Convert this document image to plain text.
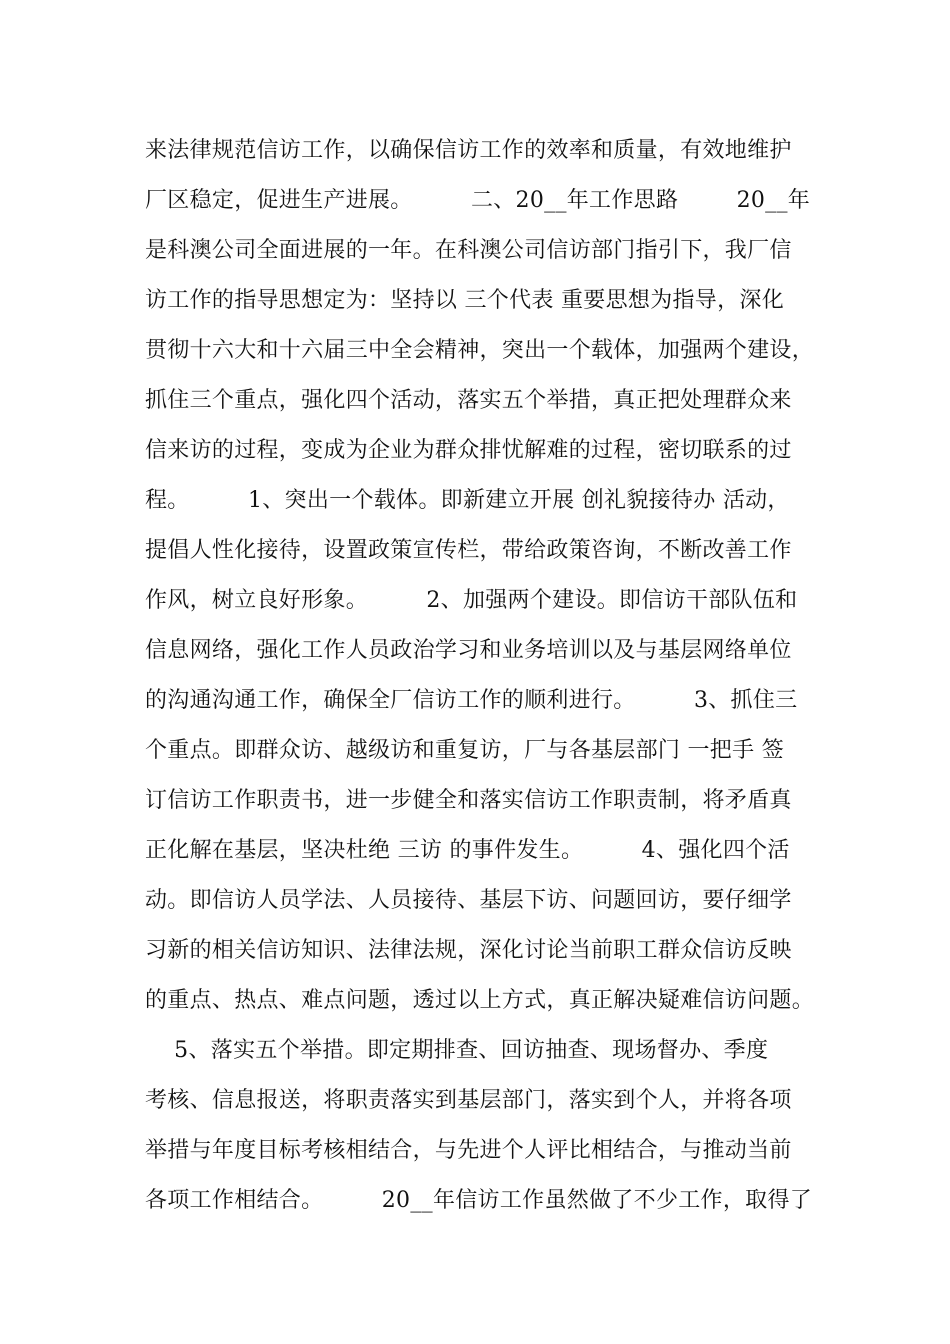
来法律规范信访工作，以确保信访工作的效率和质量，有效地维护
厂区稳定，促进生产进展。        二、20__年工作思路        20__年
是科澳公司全面进展的一年。在科澳公司信访部门指引下，我厂信
访工作的指导思想定为：坚持以 三个代表 重要思想为指导，深化
贯彻十六大和十六届三中全会精神，突出一个载体，加强两个建设，
抓住三个重点，强化四个活动，落实五个举措，真正把处理群众来
信来访的过程，变成为企业为群众排忧解难的过程，密切联系的过
程。        1、突出一个载体。即新建立开展 创礼貌接待办 活动，
提倡人性化接待，设置政策宣传栏，带给政策咨询，不断改善工作
作风，树立良好形象。        2、加强两个建设。即信访干部队伍和
信息网络，强化工作人员政治学习和业务培训以及与基层网络单位
的沟通沟通工作，确保全厂信访工作的顺利进行。        3、抓住三
个重点。即群众访、越级访和重复访，厂与各基层部门 一把手 签
订信访工作职责书，进一步健全和落实信访工作职责制，将矛盾真
正化解在基层，坚决杜绝 三访 的事件发生。        4、强化四个活
动。即信访人员学法、人员接待、基层下访、问题回访，要仔细学
习新的相关信访知识、法律法规，深化讨论当前职工群众信访反映
的重点、热点、难点问题，透过以上方式，真正解决疑难信访问题。
5、落实五个举措。即定期排查、回访抽查、现场督办、季度
考核、信息报送，将职责落实到基层部门，落实到个人，并将各项
举措与年度目标考核相结合，与先进个人评比相结合，与推动当前
各项工作相结合。        20__年信访工作虽然做了不少工作，取得了
